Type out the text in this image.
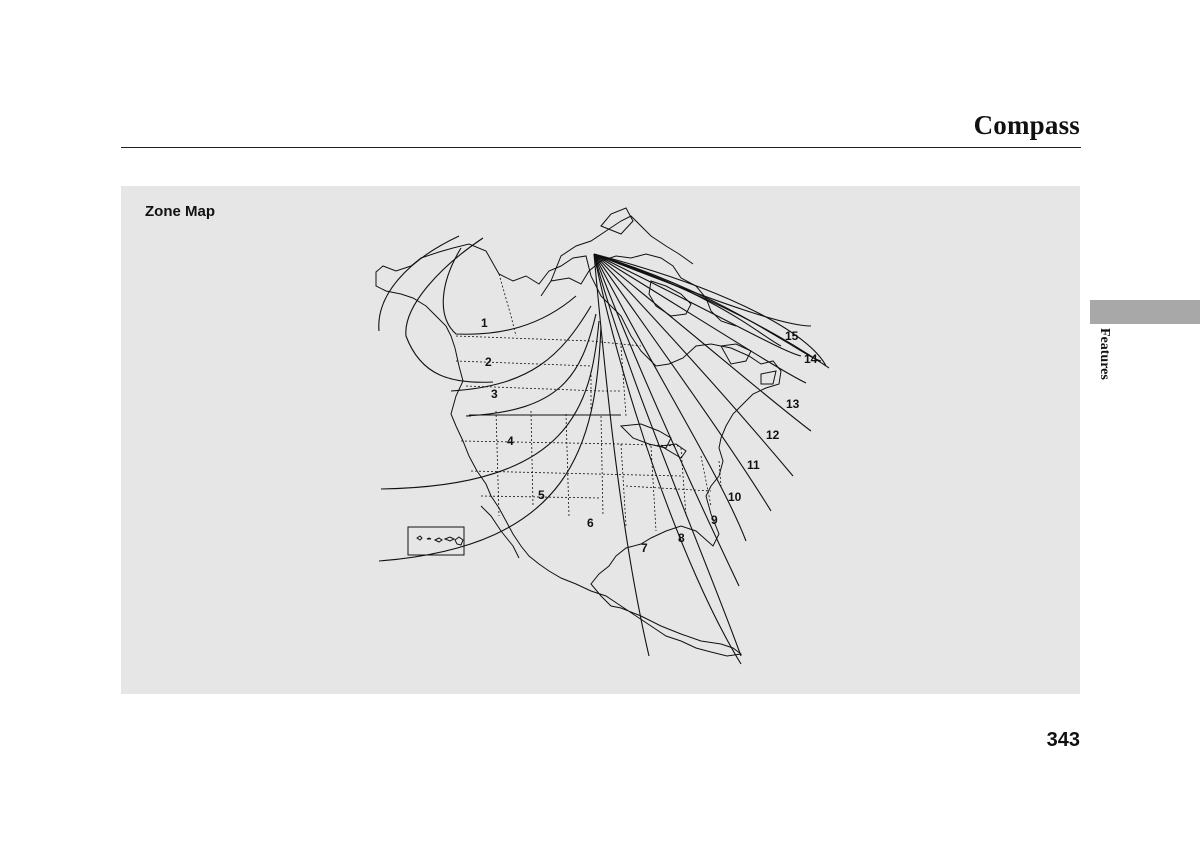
Compass
Features
Zone Map
1
2
3
4
5
6
7
8
9
10
11
12
13
14
15
343
